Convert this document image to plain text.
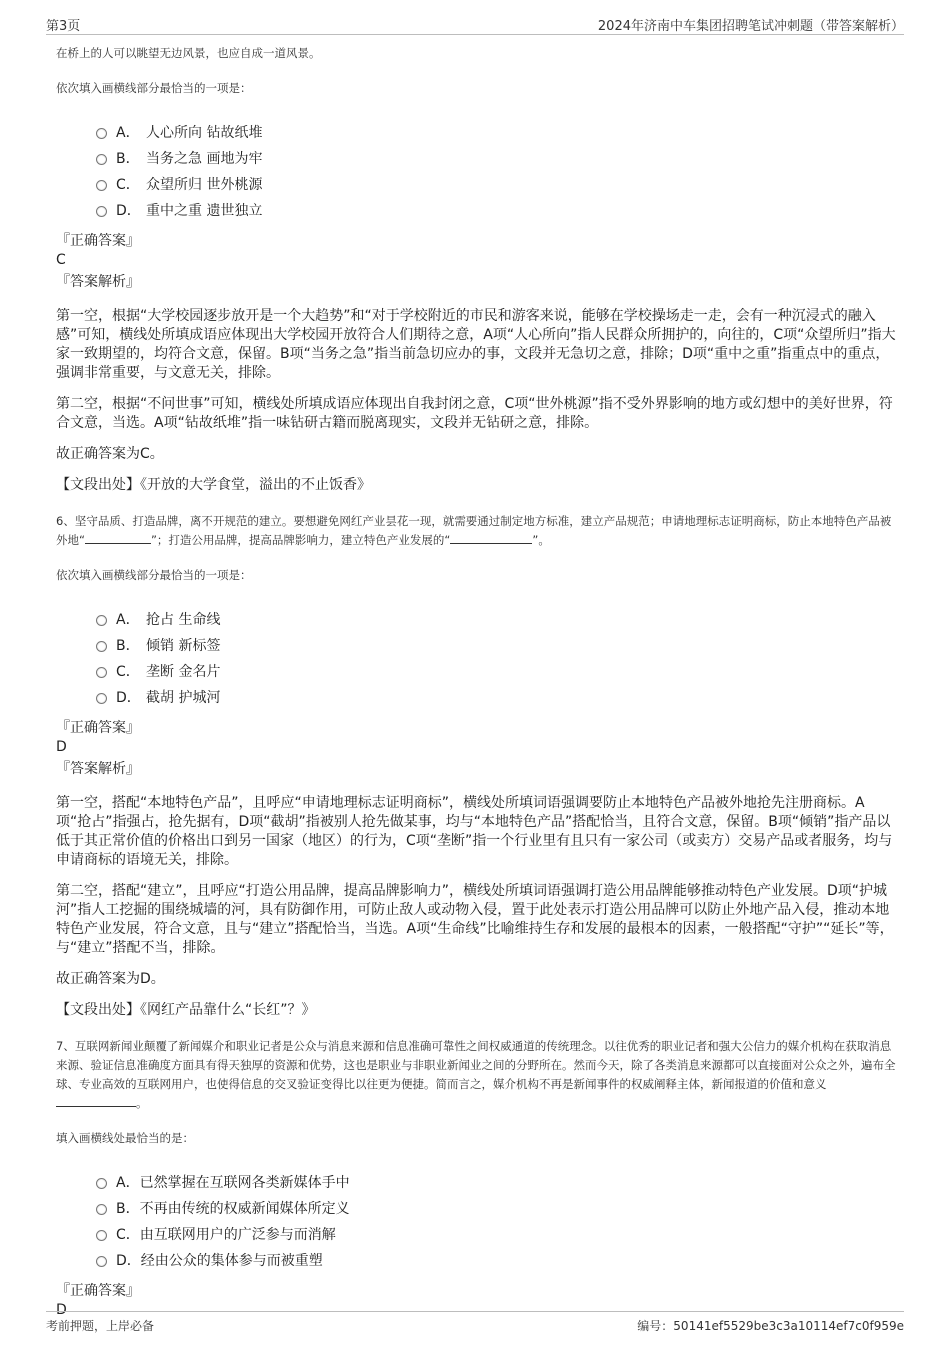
第3页	2024年济南中车集团招聘笔试冲刺题（带答案解析）
在桥上的人可以眺望无边风景，也应自成一道风景。
依次填入画横线部分最恰当的一项是：
A． 人心所向 钻故纸堆
B． 当务之急 画地为牢
C． 众望所归 世外桃源
D． 重中之重 遗世独立
『正确答案』
C
『答案解析』

第一空，根据“大学校园逐步放开是一个大趋势”和“对于学校附近的市民和游客来说，能够在学校操场走一走，会有一种沉浸式的融入感”可知，横线处所填成语应体现出大学校园开放符合人们期待之意，A项“人心所向”指人民群众所拥护的，向往的，C项“众望所归”指大家一致期望的，均符合文意，保留。B项“当务之急”指当前急切应办的事，文段并无急切之意，排除；D项“重中之重”指重点中的重点，强调非常重要，与文意无关，排除。

第二空，根据“不问世事”可知，横线处所填成语应体现出自我封闭之意，C项“世外桃源”指不受外界影响的地方或幻想中的美好世界，符合文意，当选。A项“钻故纸堆”指一味钻研古籍而脱离现实，文段并无钻研之意，排除。

故正确答案为C。

【文段出处】《开放的大学食堂，溢出的不止饭香》

6、坚守品质、打造品牌，离不开规范的建立。要想避免网红产业昙花一现，就需要通过制定地方标准，建立产品规范；申请地理标志证明商标，防止本地特色产品被外地“	”；打造公用品牌，提高品牌影响力，建立特色产业发展的“	”。
依次填入画横线部分最恰当的一项是：
A． 抢占 生命线
B． 倾销 新标签
C． 垄断 金名片
D． 截胡 护城河
『正确答案』
D
『答案解析』

第一空，搭配“本地特色产品”，且呼应“申请地理标志证明商标”，横线处所填词语强调要防止本地特色产品被外地抢先注册商标。A项“抢占”指强占，抢先据有，D项“截胡”指被别人抢先做某事，均与“本地特色产品”搭配恰当，且符合文意，保留。B项“倾销”指产品以低于其正常价值的价格出口到另一国家（地区）的行为，C项“垄断”指一个行业里有且只有一家公司（或卖方）交易产品或者服务，均与申请商标的语境无关，排除。

第二空，搭配“建立”，且呼应“打造公用品牌，提高品牌影响力”，横线处所填词语强调打造公用品牌能够推动特色产业发展。D项“护城河”指人工挖掘的围绕城墙的河，具有防御作用，可防止敌人或动物入侵，置于此处表示打造公用品牌可以防止外地产品入侵，推动本地特色产业发展，符合文意，且与“建立”搭配恰当，当选。A项“生命线”比喻维持生存和发展的最根本的因素，一般搭配“守护”“延长”等，与“建立”搭配不当，排除。

故正确答案为D。

【文段出处】《网红产品靠什么“长红”？》

7、互联网新闻业颠覆了新闻媒介和职业记者是公众与消息来源和信息准确可靠性之间权威通道的传统理念。以往优秀的职业记者和强大公信力的媒介机构在获取消息来源、验证信息准确度方面具有得天独厚的资源和优势，这也是职业与非职业新闻业之间的分野所在。然而今天，除了各类消息来源都可以直接面对公众之外，遍布全球、专业高效的互联网用户，也使得信息的交叉验证变得比以往更为便捷。简而言之，媒介机构不再是新闻事件的权威阐释主体，新闻报道的价值和意义。
填入画横线处最恰当的是：
A． 已然掌握在互联网各类新媒体手中
B． 不再由传统的权威新闻媒体所定义
C． 由互联网用户的广泛参与而消解
D． 经由公众的集体参与而被重塑
『正确答案』
D
考前押题，上岸必备	编号：50141ef5529be3c3a10114ef7c0f959e
